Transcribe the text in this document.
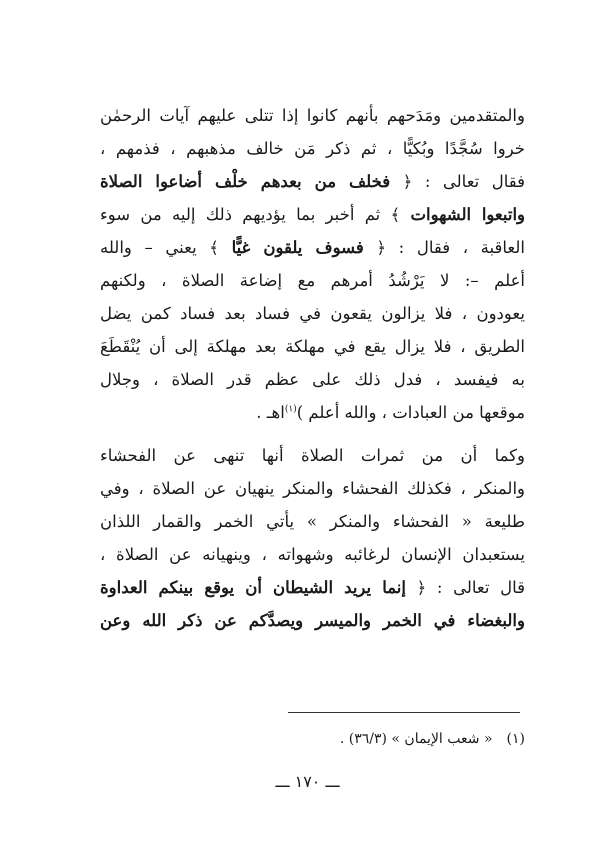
والمتقدمين ومَدَحهم بأنهم كانوا إذا تتلى عليهم آيات الرحمٰن
خروا سُجَّدًا وبُكيًّا ، ثم ذكر مَن خالف مذهبهم ، فذمهم ،
فقال تعالى : ﴿ فخلف من بعدهم خلْف أضاعوا الصلاة
واتبعوا الشهوات ﴾ ثم أخبر بما يؤديهم ذلك إليه من سوء
العاقبة ، فقال : ﴿ فسوف يلقون غيًّا ﴾ يعني – والله
أعلم –: لا يَرْشُدُ أمرهم مع إضاعة الصلاة ، ولكنهم
يعودون ، فلا يزالون يقعون في فساد بعد فساد كمن يضل
الطريق ، فلا يزال يقع في مهلكة بعد مهلكة إلى أن يُنْقَطَعَ
به فيفسد ، فدل ذلك على عظم قدر الصلاة ، وجلال
موقعها من العبادات ، والله أعلم )$^{(١)}$اهـ .
وكما أن من ثمرات الصلاة أنها تنهى عن الفحشاء
والمنكر ، فكذلك الفحشاء والمنكر ينهيان عن الصلاة ، وفي
طليعة « الفحشاء والمنكر » يأتي الخمر والقمار اللذان
يستعبدان الإنسان لرغائبه وشهواته ، وينهيانه عن الصلاة ،
قال تعالى : ﴿ إنما يريد الشيطان أن يوقع بينكم العداوة
والبغضاء في الخمر والميسر ويصدَّكم عن ذكر الله وعن
(١)« شعب الإيمان » (٣٦/٣) .
ـــ ١٧٠ ـــ
